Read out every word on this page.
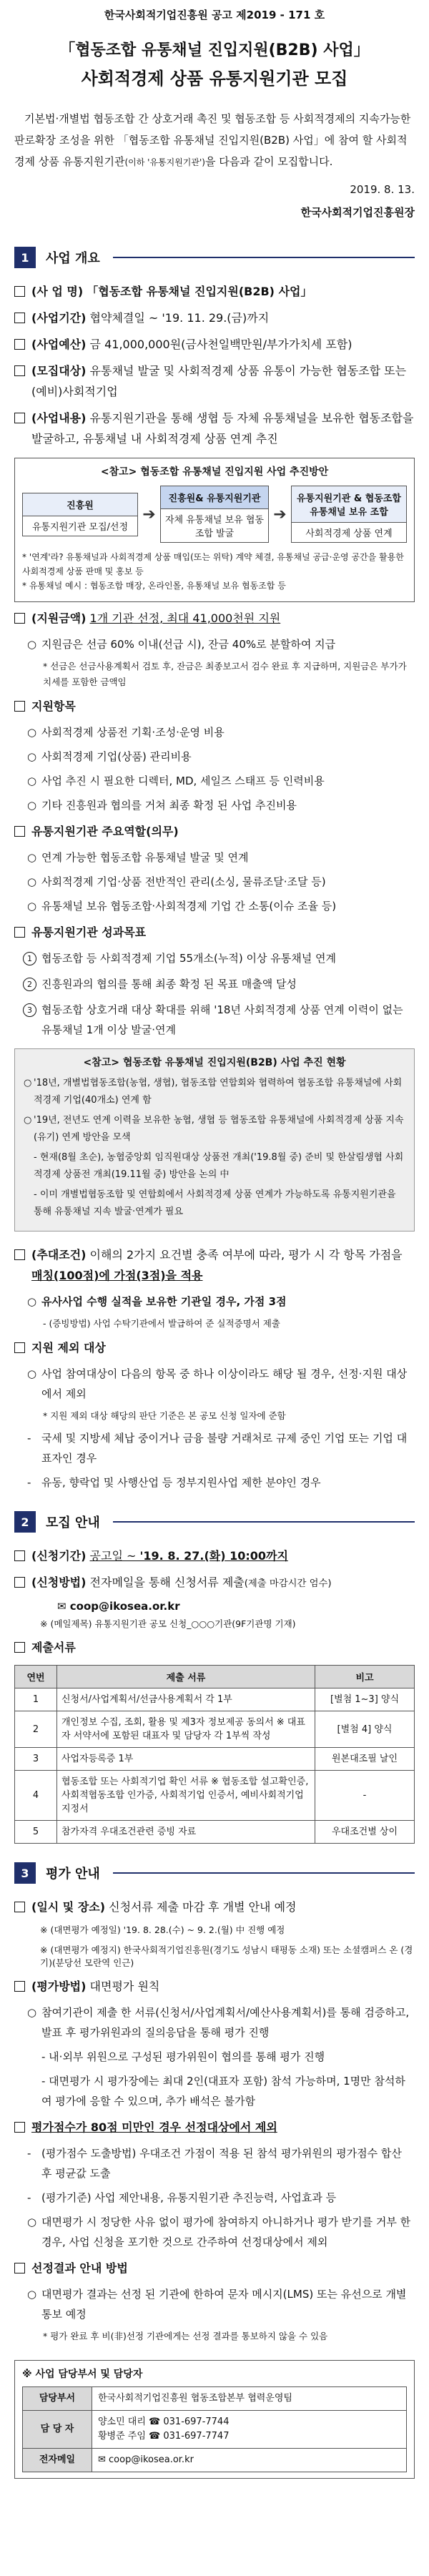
한국사회적기업진흥원 공고 제2019 - 171 호

「협동조합 유통채널 진입지원(B2B) 사업」

사회적경제 상품 유통지원기관 모집

기본법·개별법 협동조합 간 상호거래 촉진 및 협동조합 등 사회적경제의 지속가능한 판로확장 조성을 위한 「협동조합 유통채널 진입지원(B2B) 사업」에 참여 할 사회적경제 상품 유통지원기관(이하 '유통지원기관')을 다음과 같이 모집합니다.

2019. 8. 13.

한국사회적기업진흥원장

1	사업 개요
(사 업 명) 「협동조합 유통채널 진입지원(B2B) 사업」
(사업기간) 협약체결일 ~ '19. 11. 29.(금)까지
(사업예산) 금 41,000,000원(금사천일백만원/부가가치세 포함)
(모집대상) 유통채널 발굴 및 사회적경제 상품 유통이 가능한 협동조합 또는 (예비)사회적기업
(사업내용) 유통지원기관을 통해 생협 등 자체 유통채널을 보유한 협동조합을 발굴하고, 유통채널 내 사회적경제 상품 연계 추진
<참고> 협동조합 유통채널 진입지원 사업 추진방안
진흥원
유통지원기관 모집/선정
➔
진흥원& 유통지원기관
자체 유통채널 보유 협동조합 발굴
➔
유통지원기관 & 협동조합 유통채널 보유 조합
사회적경제 상품 연계
* '연계'라? 유통채널과 사회적경제 상품 매입(또는 위탁) 계약 체결, 유통채널 공급·운영 공간을 활용한 사회적경제 상품 판매 및 홍보 등
* 유통채널 예시 : 협동조합 매장, 온라인몰, 유통채널 보유 협동조합 등
(지원금액) 1개 기관 선정, 최대 41,000천원 지원
○ 지원금은 선금 60% 이내(선급 시), 잔금 40%로 분할하여 지급
* 선금은 선금사용계획서 검토 후, 잔금은 최종보고서 검수 완료 후 지급하며, 지원금은 부가가치세를 포함한 금액임
지원항목
○ 사회적경제 상품전 기획·조성·운영 비용
○ 사회적경제 기업(상품) 관리비용
○ 사업 추진 시 필요한 디렉터, MD, 세일즈 스태프 등 인력비용
○ 기타 진흥원과 협의를 거쳐 최종 확정 된 사업 추진비용
유통지원기관 주요역할(의무)
○ 연계 가능한 협동조합 유통채널 발굴 및 연계
○ 사회적경제 기업·상품 전반적인 관리(소싱, 물류조달·조달 등)
○ 유통채널 보유 협동조합·사회적경제 기업 간 소통(이슈 조율 등)
유통지원기관 성과목표
1 협동조합 등 사회적경제 기업 55개소(누적) 이상 유통채널 연계
2 진흥원과의 협의를 통해 최종 확정 된 목표 매출액 달성
3 협동조합 상호거래 대상 확대를 위해 '18년 사회적경제 상품 연계 이력이 없는 유통채널 1개 이상 발굴·연계
<참고> 협동조합 유통채널 진입지원(B2B) 사업 추진 현황
○ '18년, 개별법협동조합(농협, 생협), 협동조합 연합회와 협력하여 협동조합 유통채널에 사회적경제 기업(40개소) 연계 함
○ '19년, 전년도 연계 이력을 보유한 농협, 생협 등 협동조합 유통채널에 사회적경제 상품 지속(유기) 연계 방안을 모색
- 현재(8월 초순), 농협중앙회 임직원대상 상품전 개최('19.8월 중) 준비 및 한살림생협 사회적경제 상품전 개최(19.11월 중) 방안을 논의 中
- 이미 개별법협동조합 및 연합회에서 사회적경제 상품 연계가 가능하도록 유통지원기관을 통해 유통채널 지속 발굴·연계가 필요
(추대조건) 이해의 2가지 요건별 충족 여부에 따라, 평가 시 각 항목 가점을 매칭(100점)에 가점(3점)을 적용
○ 유사사업 수행 실적을 보유한 기관일 경우, 가점 3점
- (증빙방법) 사업 수탁기관에서 발급하여 준 실적증명서 제출
지원 제외 대상
○ 사업 참여대상이 다음의 항목 중 하나 이상이라도 해당 될 경우, 선정·지원 대상에서 제외
* 지원 제외 대상 해당의 판단 기준은 본 공모 신청 일자에 준함
- 국세 및 지방세 체납 중이거나 금융 불량 거래처로 규제 중인 기업 또는 기업 대표자인 경우
- 유동, 향락업 및 사행산업 등 정부지원사업 제한 분야인 경우
2	모집 안내
(신청기간) 공고일 ~ '19. 8. 27.(화) 10:00까지
(신청방법) 전자메일을 통해 신청서류 제출(제출 마감시간 엄수)
✉ coop@ikosea.or.kr
※ (메일제목) 유통지원기관 공모 신청_○○○기관(9F기관명 기재)
제출서류
연번	제출 서류	비고
1	신청서/사업계획서/선금사용계획서 각 1부	[별첨 1~3] 양식
2	개인정보 수집, 조회, 활용 및 제3자 정보제공 동의서 ※ 대표자 서약서에 포함된 대표자 및 담당자 각 1부씩 작성	[별첨 4] 양식
3	사업자등록증 1부	원본대조필 날인
4	협동조합 또는 사회적기업 확인 서류 ※ 협동조합 설고확인증, 사회적협동조합 인가증, 사회적기업 인증서, 예비사회적기업 지정서	-
5	참가자격 우대조건관련 증빙 자료	우대조건별 상이
3	평가 안내
(일시 및 장소) 신청서류 제출 마감 후 개별 안내 예정
※ (대면평가 예정일) '19. 8. 28.(수) ~ 9. 2.(월) 中 진행 예정
※ (대면평가 예정지) 한국사회적기업진흥원(경기도 성남시 태평동 소재) 또는 소셜캠퍼스 온 (경기)(분당선 모란역 인근)
(평가방법) 대면평가 원칙
○ 참여기관이 제출 한 서류(신청서/사업계획서/예산사용계획서)를 통해 검증하고, 발표 후 평가위원과의 질의응답을 통해 평가 진행
- 내·외부 위원으로 구성된 평가위원이 협의를 통해 평가 진행
- 대면평가 시 평가장에는 최대 2인(대표자 포함) 참석 가능하며, 1명만 참석하여 평가에 응할 수 있으며, 추가 배석은 불가함
평가점수가 80점 미만인 경우 선정대상에서 제외
- (평가점수 도출방법) 우대조건 가점이 적용 된 참석 평가위원의 평가점수 합산 후 평균값 도출
- (평가기준) 사업 제안내용, 유통지원기관 추진능력, 사업효과 등
○ 대면평가 시 정당한 사유 없이 평가에 참여하지 아니하거나 평가 받기를 거부 한 경우, 사업 신청을 포기한 것으로 간주하여 선정대상에서 제외
선정결과 안내 방법
○ 대면평가 결과는 선정 된 기관에 한하여 문자 메시지(LMS) 또는 유선으로 개별 통보 예정
* 평가 완료 후 비(非)선정 기관에게는 선정 결과를 통보하지 않을 수 있음
※ 사업 담당부서 및 담당자
담당부서	한국사회적기업진흥원 협동조합본부 협력운영팀
담 당 자	양소민 대리 ☎ 031-697-7744
황병준 주임 ☎ 031-697-7747

전자메일	✉ coop@ikosea.or.kr
